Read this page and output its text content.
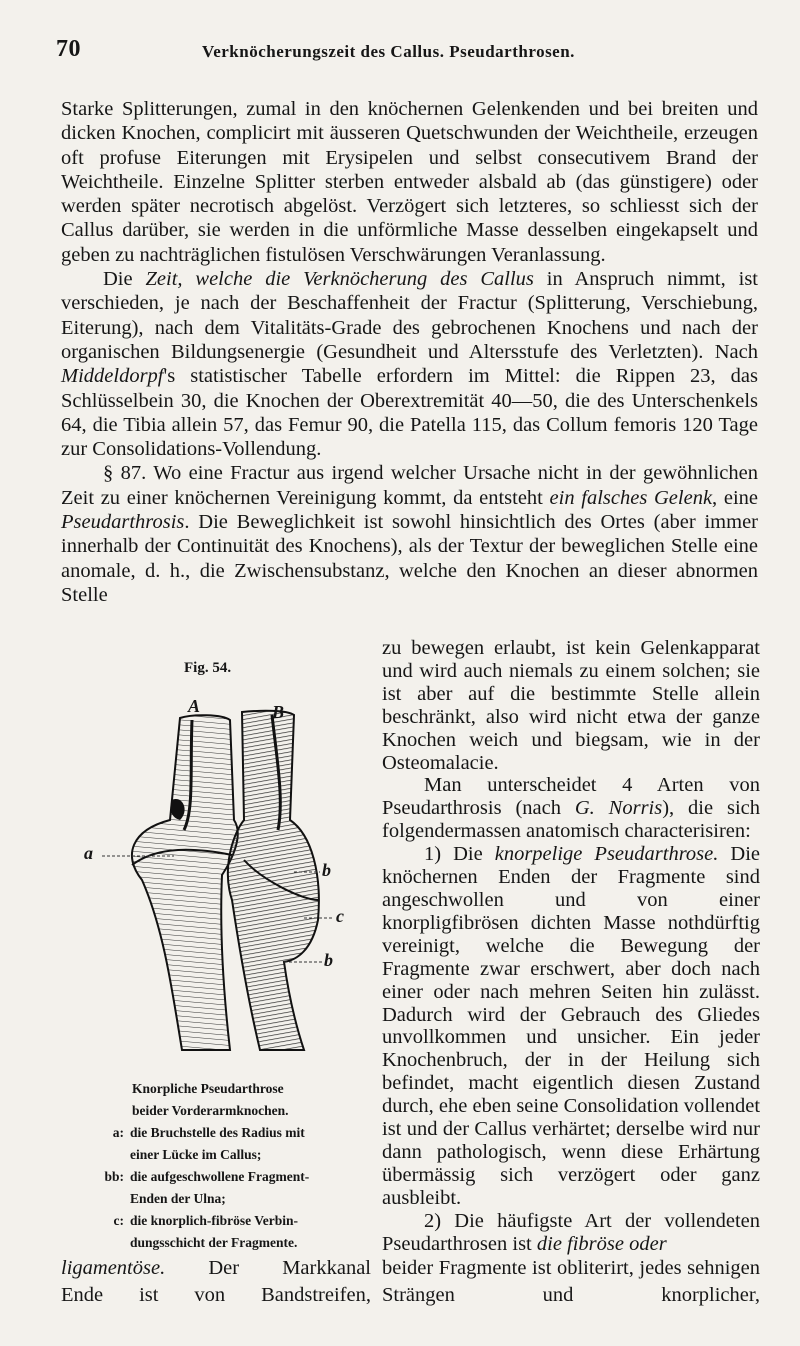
70	Verknöcherungszeit des Callus. Pseudarthrosen.

Starke Splitterungen, zumal in den knöchernen Gelenkenden und bei breiten und dicken Knochen, complicirt mit äusseren Quetschwunden der Weichtheile, erzeugen oft profuse Eiterungen mit Erysipelen und selbst consecutivem Brand der Weichtheile. Einzelne Splitter sterben entweder alsbald ab (das günstigere) oder werden später necrotisch abgelöst. Verzögert sich letzteres, so schliesst sich der Callus darüber, sie werden in die unförmliche Masse desselben eingekapselt und geben zu nachträglichen fistulösen Verschwärungen Veranlassung.

Die Zeit, welche die Verknöcherung des Callus in Anspruch nimmt, ist verschieden, je nach der Beschaffenheit der Fractur (Splitterung, Verschiebung, Eiterung), nach dem Vitalitäts-Grade des gebrochenen Knochens und nach der organischen Bildungsenergie (Gesundheit und Altersstufe des Verletzten). Nach Middeldorpf's statistischer Tabelle erfordern im Mittel: die Rippen 23, das Schlüsselbein 30, die Knochen der Oberextremität 40—50, die des Unterschenkels 64, die Tibia allein 57, das Femur 90, die Patella 115, das Collum femoris 120 Tage zur Consolidations-Vollendung.

§ 87. Wo eine Fractur aus irgend welcher Ursache nicht in der gewöhnlichen Zeit zu einer knöchernen Vereinigung kommt, da entsteht ein falsches Gelenk, eine Pseudarthrosis. Die Beweglichkeit ist sowohl hinsichtlich des Ortes (aber immer innerhalb der Continuität des Knochens), als der Textur der beweglichen Stelle eine anomale, d. h., die Zwischensubstanz, welche den Knochen an dieser abnormen Stelle

zu bewegen erlaubt, ist kein Gelenkapparat und wird auch niemals zu einem solchen; sie ist aber auf die bestimmte Stelle allein beschränkt, also wird nicht etwa der ganze Knochen weich und biegsam, wie in der Osteomalacie.

Man unterscheidet 4 Arten von Pseudarthrosis (nach G. Norris), die sich folgendermassen anatomisch characterisiren:

1) Die knorpelige Pseudarthrose. Die knöchernen Enden der Fragmente sind angeschwollen und von einer knorpligfibrösen dichten Masse nothdürftig vereinigt, welche die Bewegung der Fragmente zwar erschwert, aber doch nach einer oder nach mehren Seiten hin zulässt. Dadurch wird der Gebrauch des Gliedes unvollkommen und unsicher. Ein jeder Knochenbruch, der in der Heilung sich befindet, macht eigentlich diesen Zustand durch, ehe eben seine Consolidation vollendet ist und der Callus verhärtet; derselbe wird nur dann pathologisch, wenn diese Erhärtung übermässig sich verzögert oder ganz ausbleibt.

2) Die häufigste Art der vollendeten Pseudarthrosen ist die fibröse oder

ligamentöse. Der Markkanal
Ende ist von Bandstreifen,
beider Fragmente ist obliterirt, jedes sehnigen Strängen und knorplicher,
Fig. 54.
A	B
a
b
c
b
Knorpliche Pseudarthrose
beider Vorderarmknochen.
a: die Bruchstelle des Radius mit
einer Lücke im Callus;
bb: die aufgeschwollene Fragment-
Enden der Ulna;
c: die knorplich-fibröse Verbin-
dungsschicht der Fragmente.
